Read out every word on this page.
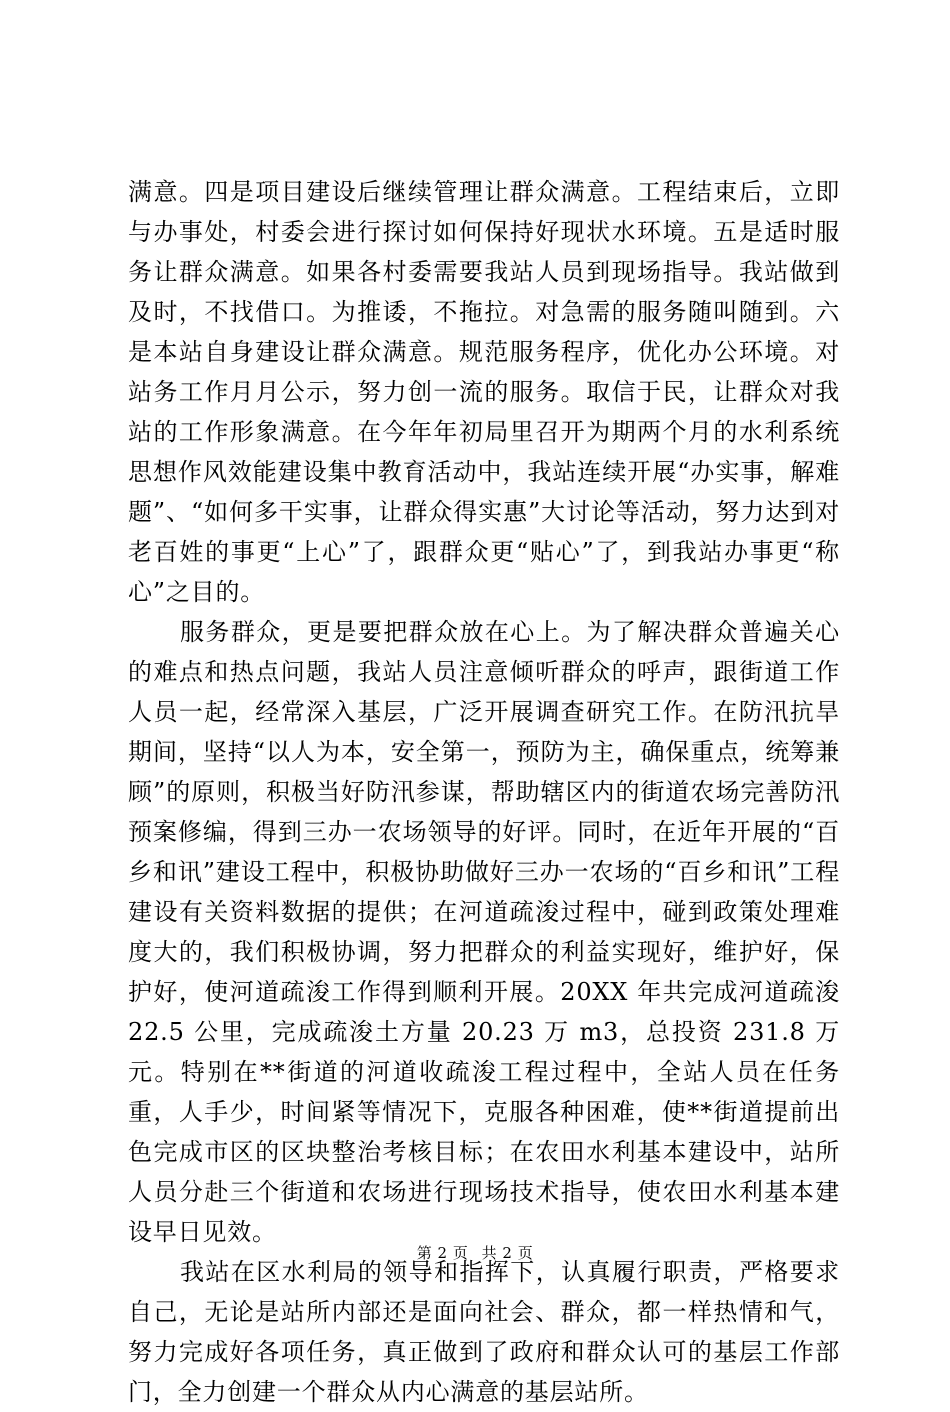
满意。四是项目建设后继续管理让群众满意。工程结束后，立即与办事处，村委会进行探讨如何保持好现状水环境。五是适时服务让群众满意。如果各村委需要我站人员到现场指导。我站做到及时，不找借口。为推诿，不拖拉。对急需的服务随叫随到。六是本站自身建设让群众满意。规范服务程序，优化办公环境。对站务工作月月公示，努力创一流的服务。取信于民，让群众对我站的工作形象满意。在今年年初局里召开为期两个月的水利系统思想作风效能建设集中教育活动中，我站连续开展“办实事，解难题”、“如何多干实事，让群众得实惠”大讨论等活动，努力达到对老百姓的事更“上心”了，跟群众更“贴心”了，到我站办事更“称心”之目的。

服务群众，更是要把群众放在心上。为了解决群众普遍关心的难点和热点问题，我站人员注意倾听群众的呼声，跟街道工作人员一起，经常深入基层，广泛开展调查研究工作。在防汛抗旱期间，坚持“以人为本，安全第一，预防为主，确保重点，统筹兼顾”的原则，积极当好防汛参谋，帮助辖区内的街道农场完善防汛预案修编，得到三办一农场领导的好评。同时，在近年开展的“百乡和讯”建设工程中，积极协助做好三办一农场的“百乡和讯”工程建设有关资料数据的提供；在河道疏浚过程中，碰到政策处理难度大的，我们积极协调，努力把群众的利益实现好，维护好，保护好，使河道疏浚工作得到顺利开展。20XX 年共完成河道疏浚 22.5 公里，完成疏浚土方量 20.23 万 m3，总投资 231.8 万元。特别在**街道的河道收疏浚工程过程中，全站人员在任务重，人手少，时间紧等情况下，克服各种困难，使**街道提前出色完成市区的区块整治考核目标；在农田水利基本建设中，站所人员分赴三个街道和农场进行现场技术指导，使农田水利基本建设早日见效。

我站在区水利局的领导和指挥下，认真履行职责，严格要求自己，无论是站所内部还是面向社会、群众，都一样热情和气，努力完成好各项任务，真正做到了政府和群众认可的基层工作部门，全力创建一个群众从内心满意的基层站所。

第 2 页 共 2 页
